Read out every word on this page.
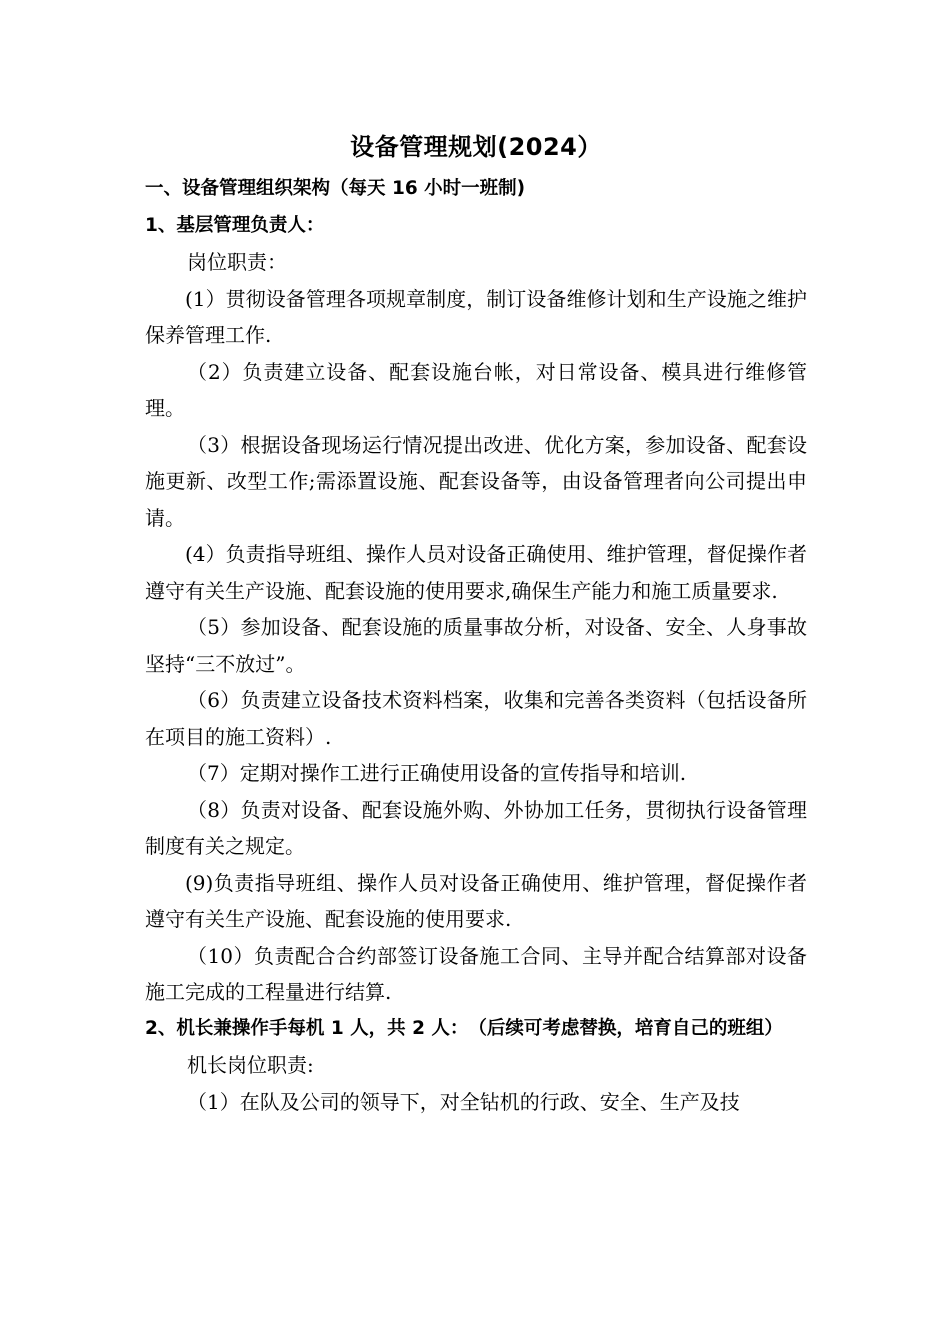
设备管理规划(2024）

一、设备管理组织架构（每天 16 小时一班制)

1、基层管理负责人：

岗位职责：

(1）贯彻设备管理各项规章制度，制订设备维修计划和生产设施之维护保养管理工作.

（2）负责建立设备、配套设施台帐，对日常设备、模具进行维修管理。

（3）根据设备现场运行情况提出改进、优化方案，参加设备、配套设施更新、改型工作;需添置设施、配套设备等，由设备管理者向公司提出申请。

(4）负责指导班组、操作人员对设备正确使用、维护管理，督促操作者遵守有关生产设施、配套设施的使用要求,确保生产能力和施工质量要求.

（5）参加设备、配套设施的质量事故分析，对设备、安全、人身事故坚持“三不放过”。

（6）负责建立设备技术资料档案，收集和完善各类资料（包括设备所在项目的施工资料）.

（7）定期对操作工进行正确使用设备的宣传指导和培训.

（8）负责对设备、配套设施外购、外协加工任务，贯彻执行设备管理制度有关之规定。

(9)负责指导班组、操作人员对设备正确使用、维护管理，督促操作者遵守有关生产设施、配套设施的使用要求.

（10）负责配合合约部签订设备施工合同、主导并配合结算部对设备施工完成的工程量进行结算.

2、机长兼操作手每机 1 人，共 2 人：　（后续可考虑替换，培育自己的班组）

机长岗位职责:

（1）在队及公司的领导下，对全钻机的行政、安全、生产及技
